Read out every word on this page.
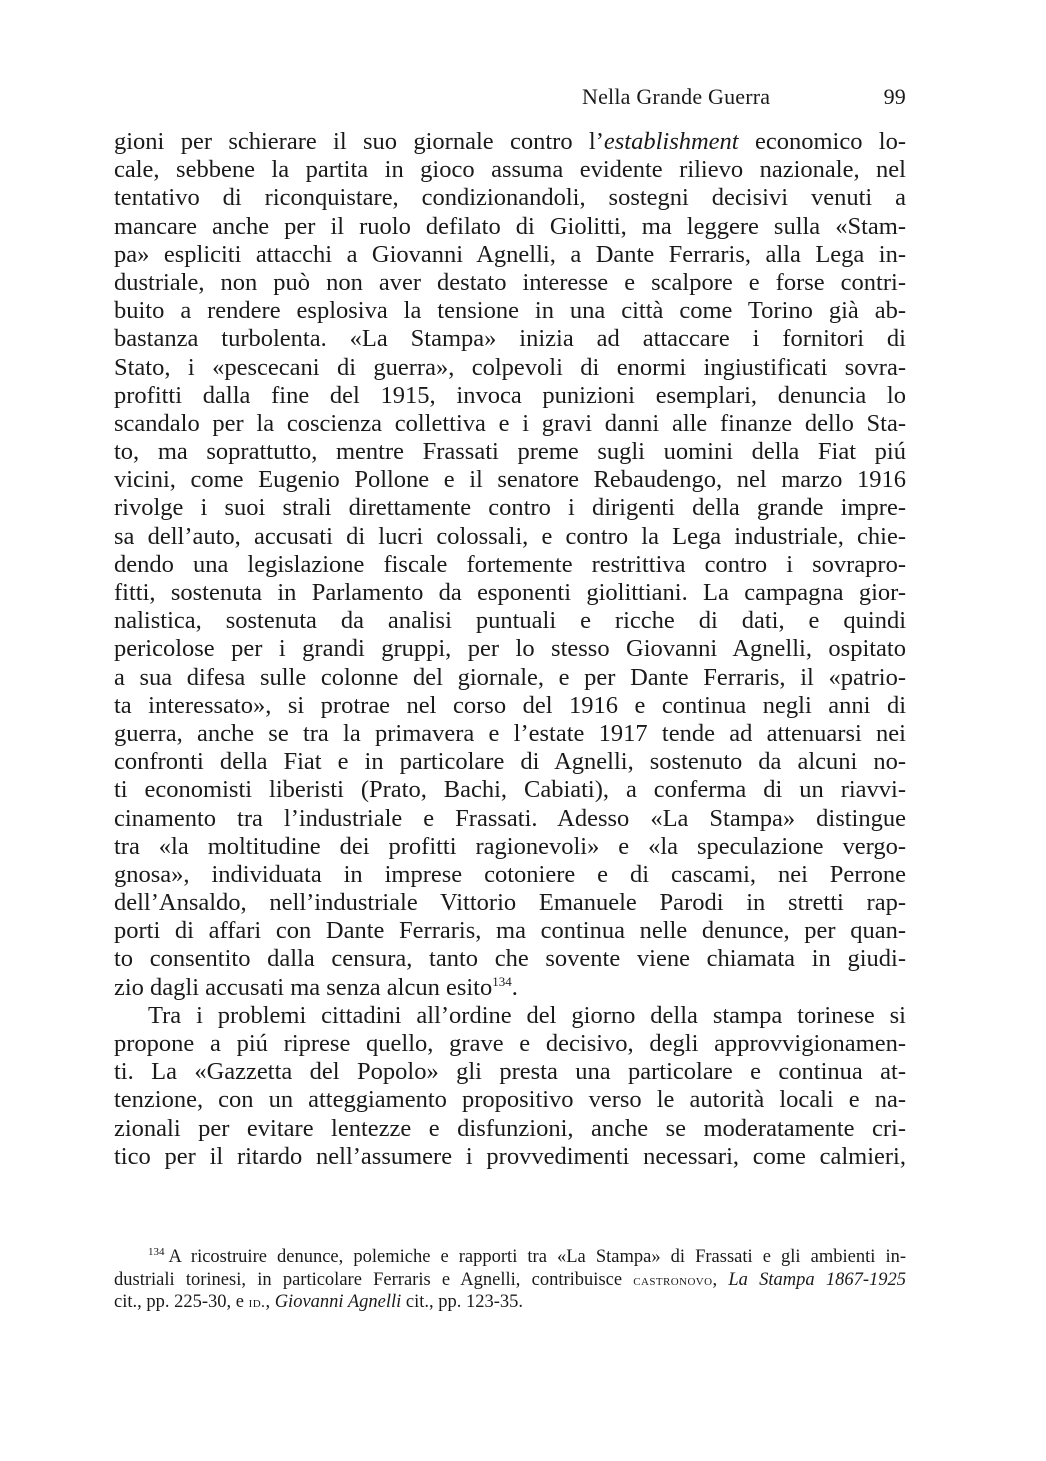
Nella Grande Guerra	99
gioni per schierare il suo giornale contro l’establishment economico lo-
cale, sebbene la partita in gioco assuma evidente rilievo nazionale, nel
tentativo di riconquistare, condizionandoli, sostegni decisivi venuti a
mancare anche per il ruolo defilato di Giolitti, ma leggere sulla «Stam-
pa» espliciti attacchi a Giovanni Agnelli, a Dante Ferraris, alla Lega in-
dustriale, non può non aver destato interesse e scalpore e forse contri-
buito a rendere esplosiva la tensione in una città come Torino già ab-
bastanza turbolenta. «La Stampa» inizia ad attaccare i fornitori di
Stato, i «pescecani di guerra», colpevoli di enormi ingiustificati sovra-
profitti dalla fine del 1915, invoca punizioni esemplari, denuncia lo
scandalo per la coscienza collettiva e i gravi danni alle finanze dello Sta-
to, ma soprattutto, mentre Frassati preme sugli uomini della Fiat piú
vicini, come Eugenio Pollone e il senatore Rebaudengo, nel marzo 1916
rivolge i suoi strali direttamente contro i dirigenti della grande impre-
sa dell’auto, accusati di lucri colossali, e contro la Lega industriale, chie-
dendo una legislazione fiscale fortemente restrittiva contro i sovrapro-
fitti, sostenuta in Parlamento da esponenti giolittiani. La campagna gior-
nalistica, sostenuta da analisi puntuali e ricche di dati, e quindi
pericolose per i grandi gruppi, per lo stesso Giovanni Agnelli, ospitato
a sua difesa sulle colonne del giornale, e per Dante Ferraris, il «patrio-
ta interessato», si protrae nel corso del 1916 e continua negli anni di
guerra, anche se tra la primavera e l’estate 1917 tende ad attenuarsi nei
confronti della Fiat e in particolare di Agnelli, sostenuto da alcuni no-
ti economisti liberisti (Prato, Bachi, Cabiati), a conferma di un riavvi-
cinamento tra l’industriale e Frassati. Adesso «La Stampa» distingue
tra «la moltitudine dei profitti ragionevoli» e «la speculazione vergo-
gnosa», individuata in imprese cotoniere e di cascami, nei Perrone
dell’Ansaldo, nell’industriale Vittorio Emanuele Parodi in stretti rap-
porti di affari con Dante Ferraris, ma continua nelle denunce, per quan-
to consentito dalla censura, tanto che sovente viene chiamata in giudi-
zio dagli accusati ma senza alcun esito$^{134}$.
Tra i problemi cittadini all’ordine del giorno della stampa torinese si
propone a piú riprese quello, grave e decisivo, degli approvvigionamen-
ti. La «Gazzetta del Popolo» gli presta una particolare e continua at-
tenzione, con un atteggiamento propositivo verso le autorità locali e na-
zionali per evitare lentezze e disfunzioni, anche se moderatamente cri-
tico per il ritardo nell’assumere i provvedimenti necessari, come calmieri,
$^{134}$ A ricostruire denunce, polemiche e rapporti tra «La Stampa» di Frassati e gli ambienti in-
dustriali torinesi, in particolare Ferraris e Agnelli, contribuisce castronovo, La Stampa 1867-1925
cit., pp. 225-30, e id., Giovanni Agnelli cit., pp. 123-35.
